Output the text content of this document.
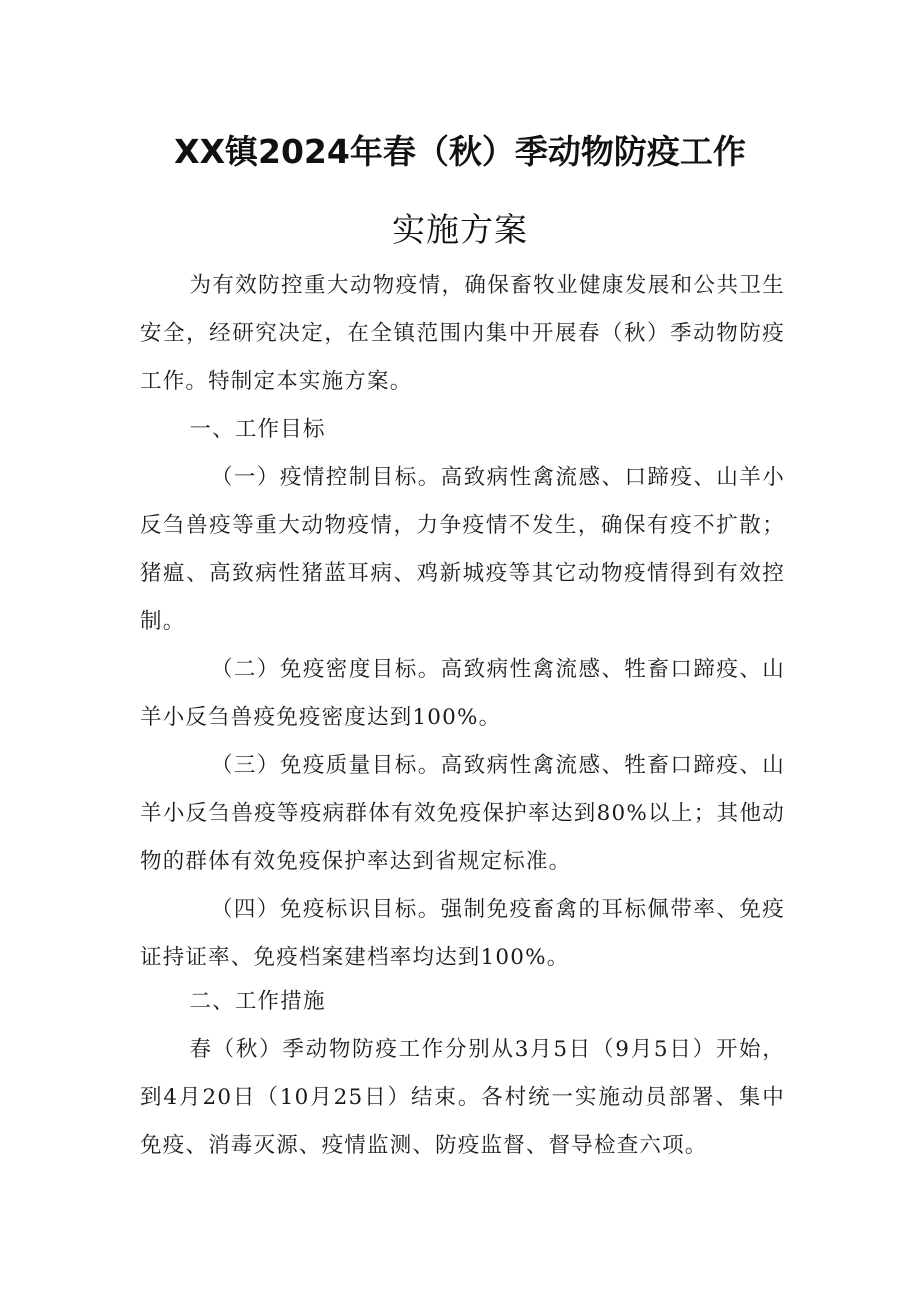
XX镇2024年春（秋）季动物防疫工作
实施方案

为有效防控重大动物疫情，确保畜牧业健康发展和公共卫生安全，经研究决定，在全镇范围内集中开展春（秋）季动物防疫工作。特制定本实施方案。

一、工作目标

（一）疫情控制目标。高致病性禽流感、口蹄疫、山羊小反刍兽疫等重大动物疫情，力争疫情不发生，确保有疫不扩散；猪瘟、高致病性猪蓝耳病、鸡新城疫等其它动物疫情得到有效控制。

（二）免疫密度目标。高致病性禽流感、牲畜口蹄疫、山羊小反刍兽疫免疫密度达到100%。

（三）免疫质量目标。高致病性禽流感、牲畜口蹄疫、山羊小反刍兽疫等疫病群体有效免疫保护率达到80%以上；其他动物的群体有效免疫保护率达到省规定标准。

（四）免疫标识目标。强制免疫畜禽的耳标佩带率、免疫证持证率、免疫档案建档率均达到100%。

二、工作措施

春（秋）季动物防疫工作分别从3月5日（9月5日）开始，到4月20日（10月25日）结束。各村统一实施动员部署、集中免疫、消毒灭源、疫情监测、防疫监督、督导检查六项。
